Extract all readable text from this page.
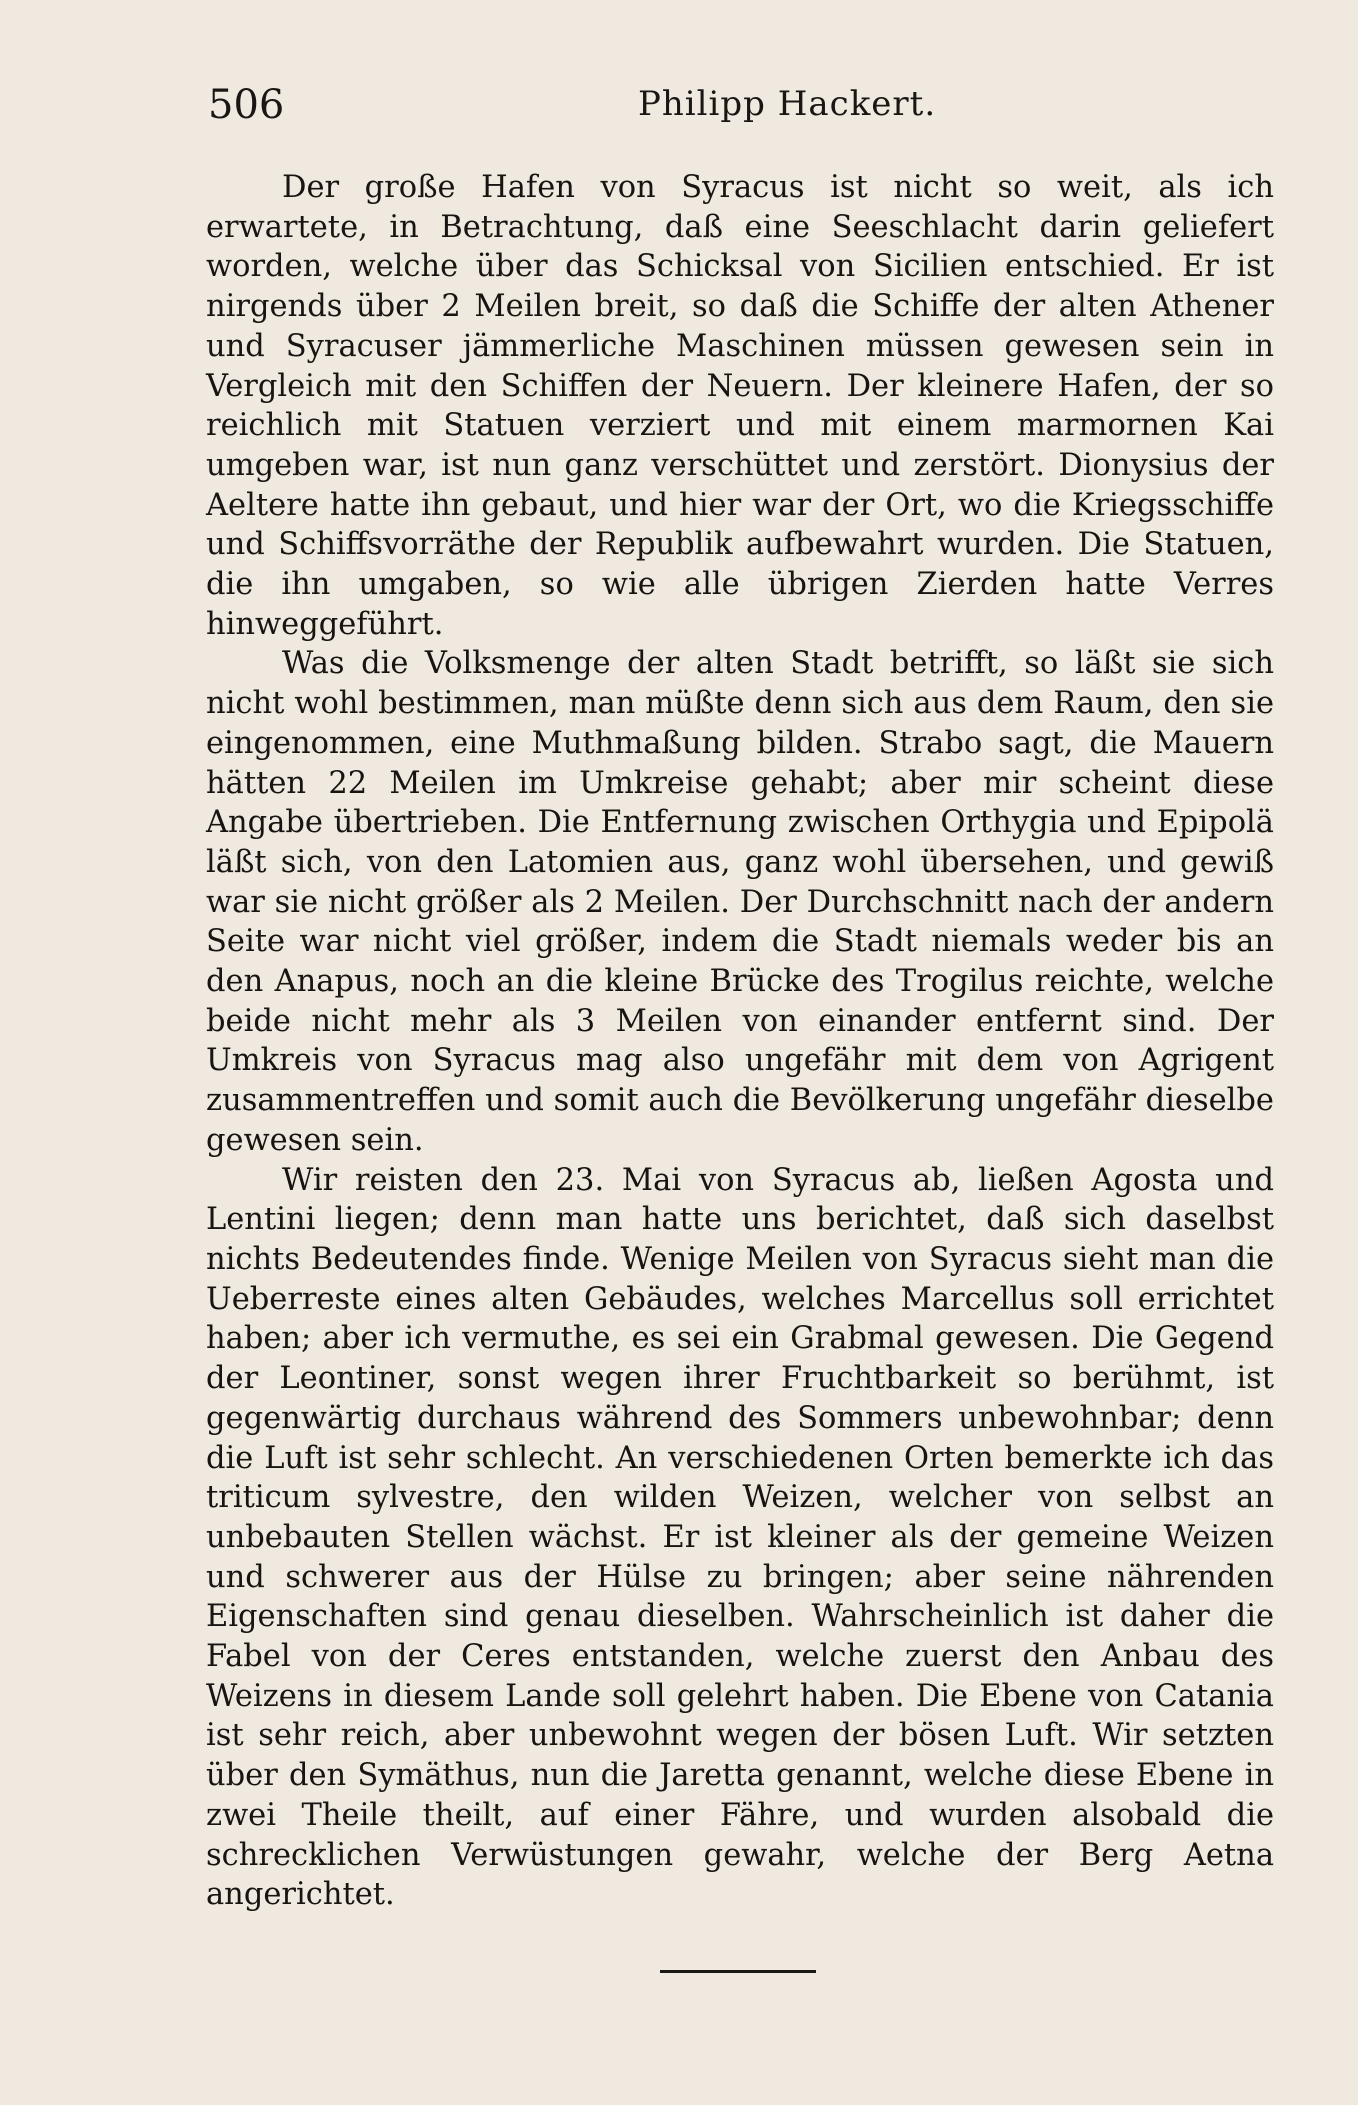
506	Philipp Hackert.

Der große Hafen von Syracus ist nicht so weit, als ich erwartete, in Betrachtung, daß eine Seeschlacht darin geliefert worden, welche über das Schicksal von Sicilien entschied. Er ist nirgends über 2 Meilen breit, so daß die Schiffe der alten Athener und Syracuser jämmerliche Maschinen müssen gewesen sein in Vergleich mit den Schiffen der Neuern. Der kleinere Hafen, der so reichlich mit Statuen verziert und mit einem marmornen Kai umgeben war, ist nun ganz verschüttet und zerstört. Dionysius der Aeltere hatte ihn gebaut, und hier war der Ort, wo die Kriegsschiffe und Schiffsvorräthe der Republik aufbewahrt wurden. Die Statuen, die ihn umgaben, so wie alle übrigen Zierden hatte Verres hinweggeführt.

Was die Volksmenge der alten Stadt betrifft, so läßt sie sich nicht wohl bestimmen, man müßte denn sich aus dem Raum, den sie eingenommen, eine Muthmaßung bilden. Strabo sagt, die Mauern hätten 22 Meilen im Umkreise gehabt; aber mir scheint diese Angabe übertrieben. Die Entfernung zwischen Orthygia und Epipolä läßt sich, von den Latomien aus, ganz wohl übersehen, und gewiß war sie nicht größer als 2 Meilen. Der Durchschnitt nach der andern Seite war nicht viel größer, indem die Stadt niemals weder bis an den Anapus, noch an die kleine Brücke des Trogilus reichte, welche beide nicht mehr als 3 Meilen von einander entfernt sind. Der Umkreis von Syracus mag also ungefähr mit dem von Agrigent zusammentreffen und somit auch die Bevölkerung ungefähr dieselbe gewesen sein.

Wir reisten den 23. Mai von Syracus ab, ließen Agosta und Lentini liegen; denn man hatte uns berichtet, daß sich daselbst nichts Bedeutendes finde. Wenige Meilen von Syracus sieht man die Ueberreste eines alten Gebäudes, welches Marcellus soll errichtet haben; aber ich vermuthe, es sei ein Grabmal gewesen. Die Gegend der Leontiner, sonst wegen ihrer Fruchtbarkeit so berühmt, ist gegenwärtig durchaus während des Sommers unbewohnbar; denn die Luft ist sehr schlecht. An verschiedenen Orten bemerkte ich das triticum sylvestre, den wilden Weizen, welcher von selbst an unbebauten Stellen wächst. Er ist kleiner als der gemeine Weizen und schwerer aus der Hülse zu bringen; aber seine nährenden Eigenschaften sind genau dieselben. Wahrscheinlich ist daher die Fabel von der Ceres entstanden, welche zuerst den Anbau des Weizens in diesem Lande soll gelehrt haben. Die Ebene von Catania ist sehr reich, aber unbewohnt wegen der bösen Luft. Wir setzten über den Symäthus, nun die Jaretta genannt, welche diese Ebene in zwei Theile theilt, auf einer Fähre, und wurden alsobald die schrecklichen Verwüstungen gewahr, welche der Berg Aetna angerichtet.
